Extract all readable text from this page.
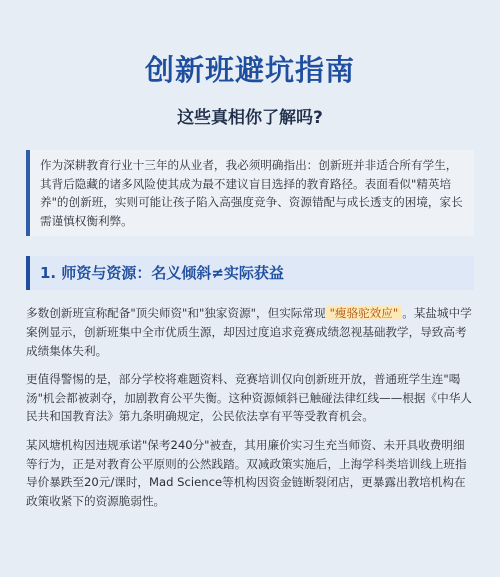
创新班避坑指南
这些真相你了解吗?
作为深耕教育行业十三年的从业者，我必须明确指出：创新班并非适合所有学生，其背后隐藏的诸多风险使其成为最不建议盲目选择的教育路径。表面看似"精英培养"的创新班，实则可能让孩子陷入高强度竞争、资源错配与成长透支的困境，家长需谨慎权衡利弊。
1. 师资与资源：名义倾斜≠实际获益

多数创新班宣称配备"顶尖师资"和"独家资源"，但实际常现 "瘦骆驼效应" 。某盐城中学案例显示，创新班集中全市优质生源，却因过度追求竞赛成绩忽视基础教学，导致高考成绩集体失利。

更值得警惕的是，部分学校将难题资料、竞赛培训仅向创新班开放，普通班学生连"喝汤"机会都被剥夺，加剧教育公平失衡。这种资源倾斜已触碰法律红线——根据《中华人民共和国教育法》第九条明确规定，公民依法享有平等受教育机会。

某风塘机构因违规承诺"保考240分"被查，其用廉价实习生充当师资、未开具收费明细等行为，正是对教育公平原则的公然践踏。双减政策实施后，上海学科类培训线上班指导价暴跌至20元/课时，Mad Science等机构因资金链断裂闭店，更暴露出教培机构在政策收紧下的资源脆弱性。
